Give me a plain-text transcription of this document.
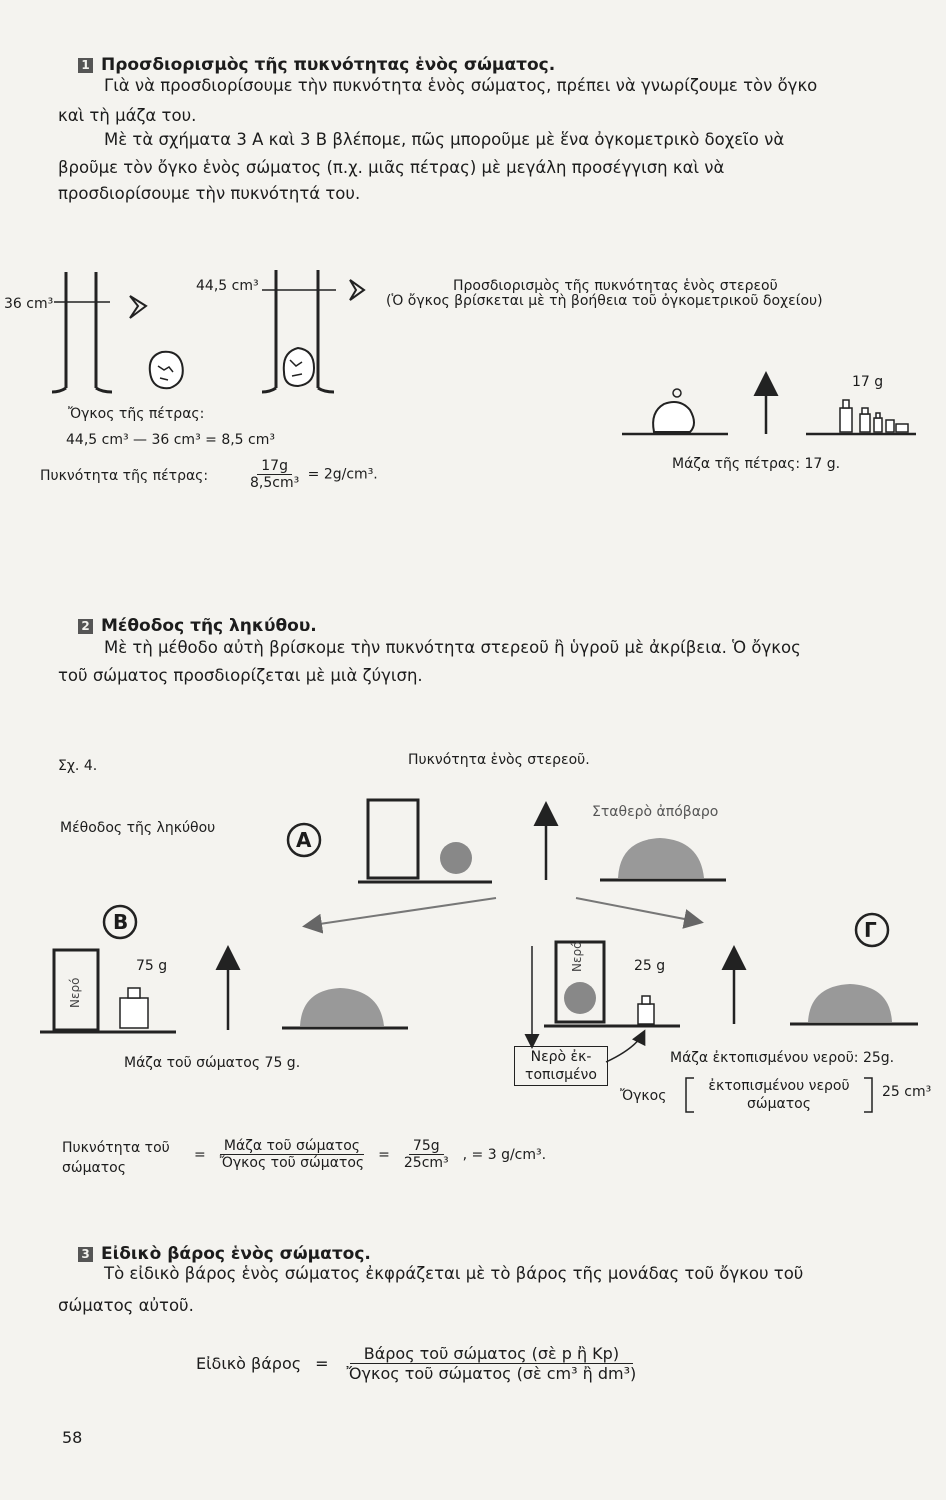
1 Προσδιορισμὸς τῆς πυκνότητας ἑνὸς σώματος.
Γιὰ νὰ προσδιορίσουμε τὴν πυκνότητα ἑνὸς σώματος, πρέπει νὰ γνωρίζουμε τὸν ὄγκο
καὶ τὴ μάζα του.
Μὲ τὰ σχήματα 3 Α καὶ 3 Β βλέπομε, πῶς μποροῦμε μὲ ἕνα ὀγκομετρικὸ δοχεῖο νὰ
βροῦμε τὸν ὄγκο ἑνὸς σώματος (π.χ. μιᾶς πέτρας) μὲ μεγάλη προσέγγιση καὶ νὰ
προσδιορίσουμε τὴν πυκνότητά του.
36 cm³
44,5 cm³	Προσδιορισμὸς τῆς πυκνότητας ἑνὸς στερεοῦ
(Ὁ ὄγκος βρίσκεται μὲ τὴ βοήθεια τοῦ ὀγκομετρικοῦ δοχείου)
Ὄγκος τῆς πέτρας:
44,5 cm³ — 36 cm³ = 8,5 cm³
Πυκνότητα τῆς πέτρας:	$\frac{17g}{\text{8,5cm³}} = 2g/cm^3$.
17 g
Μάζα τῆς πέτρας: 17 g.
2 Μέθοδος τῆς ληκύθου.
Μὲ τὴ μέθοδο αὐτὴ βρίσκομε τὴν πυκνότητα στερεοῦ ἢ ὑγροῦ μὲ ἀκρίβεια. Ὁ ὄγκος
τοῦ σώματος προσδιορίζεται μὲ μιὰ ζύγιση.
Σχ. 4.	Πυκνότητα ἑνὸς στερεοῦ.
Μέθοδος τῆς ληκύθου
Σταθερὸ ἀπόβαρο
Α
Β	Γ
Νερό
Νερό
75 g	25 g
Μάζα τοῦ σώματος 75 g.	Νερὸ ἐκ-
τοπισμένο
Μάζα ἐκτοπισμένου νεροῦ: 25g.
Ὄγκος
ἐκτοπισμένου νεροῦ
σώματος
25 cm³
Πυκνότητα τοῦ
σώματος
= $\frac{\text{Μάζα τοῦ σώματος}}{\text{Ὄγκος τοῦ σώματος}} = \frac{75g}{\text{25cm³}}$ , = 3 g/cm³.
3 Εἰδικὸ βάρος ἑνὸς σώματος.
Τὸ εἰδικὸ βάρος ἑνὸς σώματος ἐκφράζεται μὲ τὸ βάρος τῆς μονάδας τοῦ ὄγκου τοῦ
σώματος αὐτοῦ.
Εἰδικὸ $\beta ά\rho o\varsigma = \frac{\text{Βάρος τοῦ σώματος (σὲ p ἢ Kp)}}{\text{Ὄγκος τοῦ σώματος (σὲ cm³ ἢ dm³)}}$
58
